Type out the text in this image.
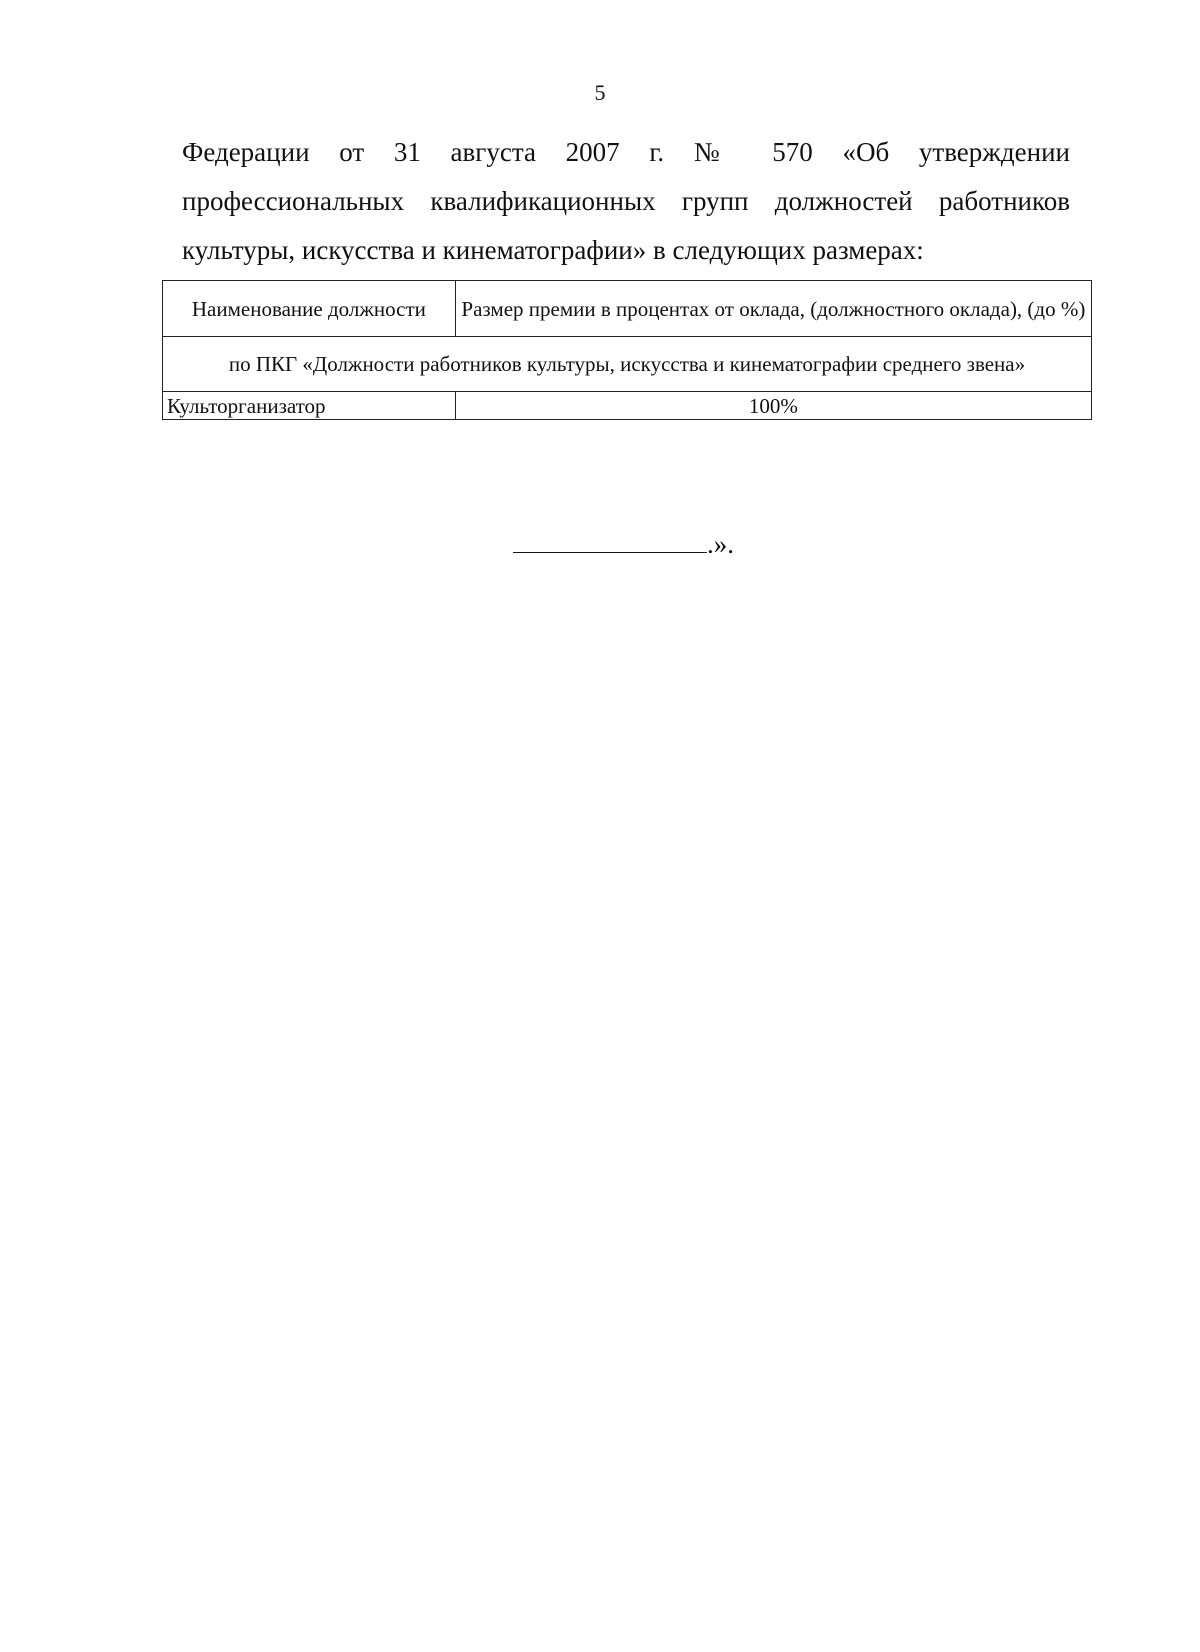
5
Федерации от 31 августа 2007 г. № 570 «Об утверждении
профессиональных квалификационных групп должностей работников
культуры, искусства и кинематографии» в следующих размерах:
Наименование должности	Размер премии в процентах от оклада, (должностного оклада), (до %)
по ПКГ «Должности работников культуры, искусства и кинематографии среднего звена»	
Культорганизатор	100%
.».
